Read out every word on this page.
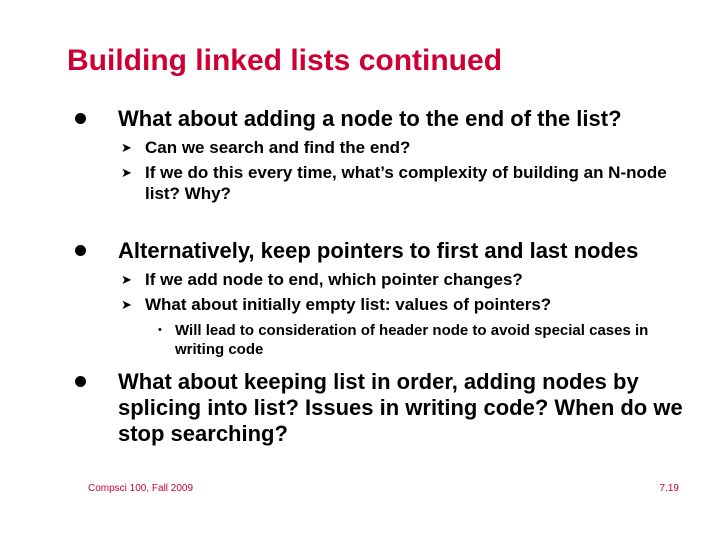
Building linked lists continued
What about adding a node to the end of the list?
➤ Can we search and find the end?
➤ If we do this every time, what’s complexity of building an N-node list? Why?
Alternatively, keep pointers to first and last nodes
➤ If we add node to end, which pointer changes?
➤ What about initially empty list: values of pointers?
• Will lead to consideration of header node to avoid special cases in writing code
What about keeping list in order, adding nodes by splicing into list? Issues in writing code? When do we stop searching?
Compsci 100, Fall 2009	7.19
